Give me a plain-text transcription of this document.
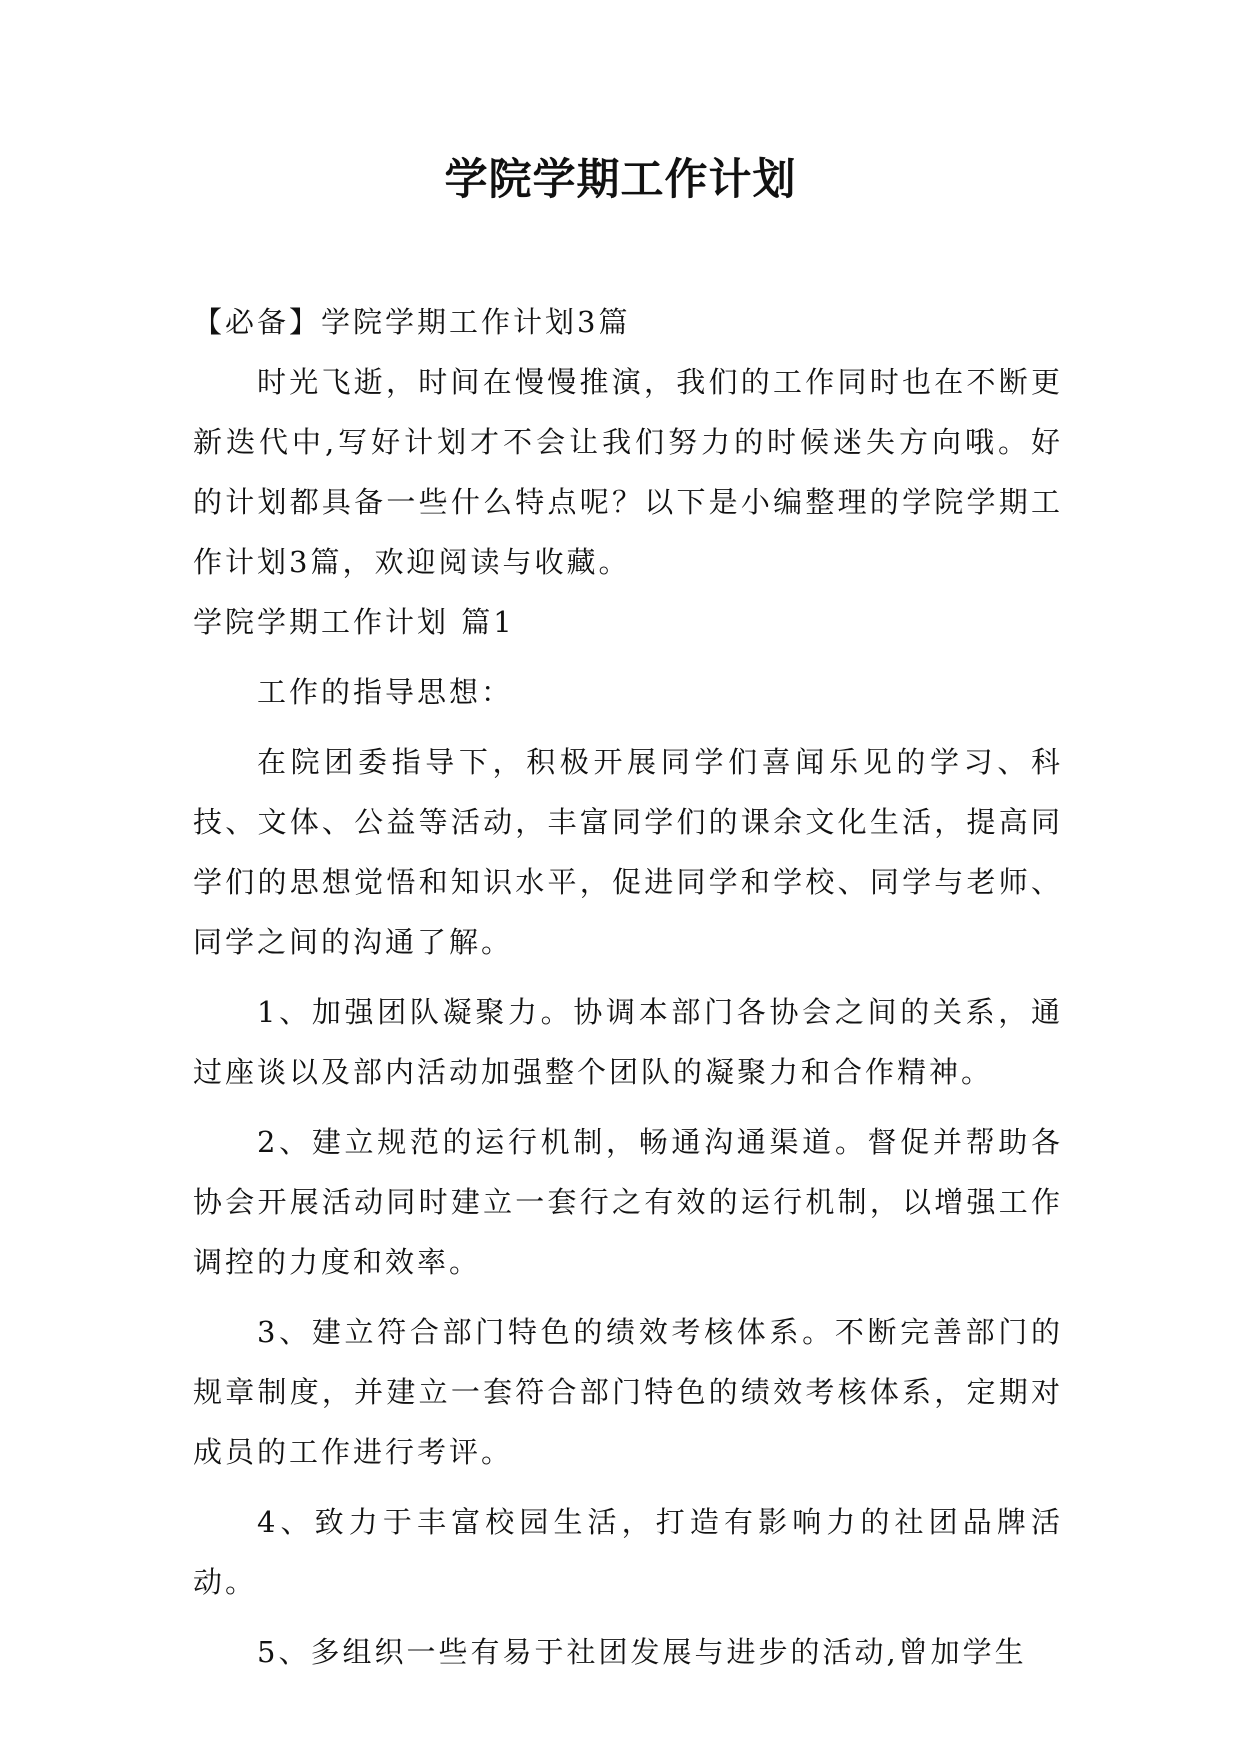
学院学期工作计划

【必备】学院学期工作计划3篇

时光飞逝，时间在慢慢推演，我们的工作同时也在不断更新迭代中,写好计划才不会让我们努力的时候迷失方向哦。好的计划都具备一些什么特点呢？以下是小编整理的学院学期工作计划3篇，欢迎阅读与收藏。

学院学期工作计划 篇1

工作的指导思想：

在院团委指导下，积极开展同学们喜闻乐见的学习、科技、文体、公益等活动，丰富同学们的课余文化生活，提高同学们的思想觉悟和知识水平，促进同学和学校、同学与老师、同学之间的沟通了解。

1、加强团队凝聚力。协调本部门各协会之间的关系，通过座谈以及部内活动加强整个团队的凝聚力和合作精神。

2、建立规范的运行机制，畅通沟通渠道。督促并帮助各协会开展活动同时建立一套行之有效的运行机制，以增强工作调控的力度和效率。

3、建立符合部门特色的绩效考核体系。不断完善部门的规章制度，并建立一套符合部门特色的绩效考核体系，定期对成员的工作进行考评。

4、致力于丰富校园生活，打造有影响力的社团品牌活动。

5、多组织一些有易于社团发展与进步的活动,曾加学生
